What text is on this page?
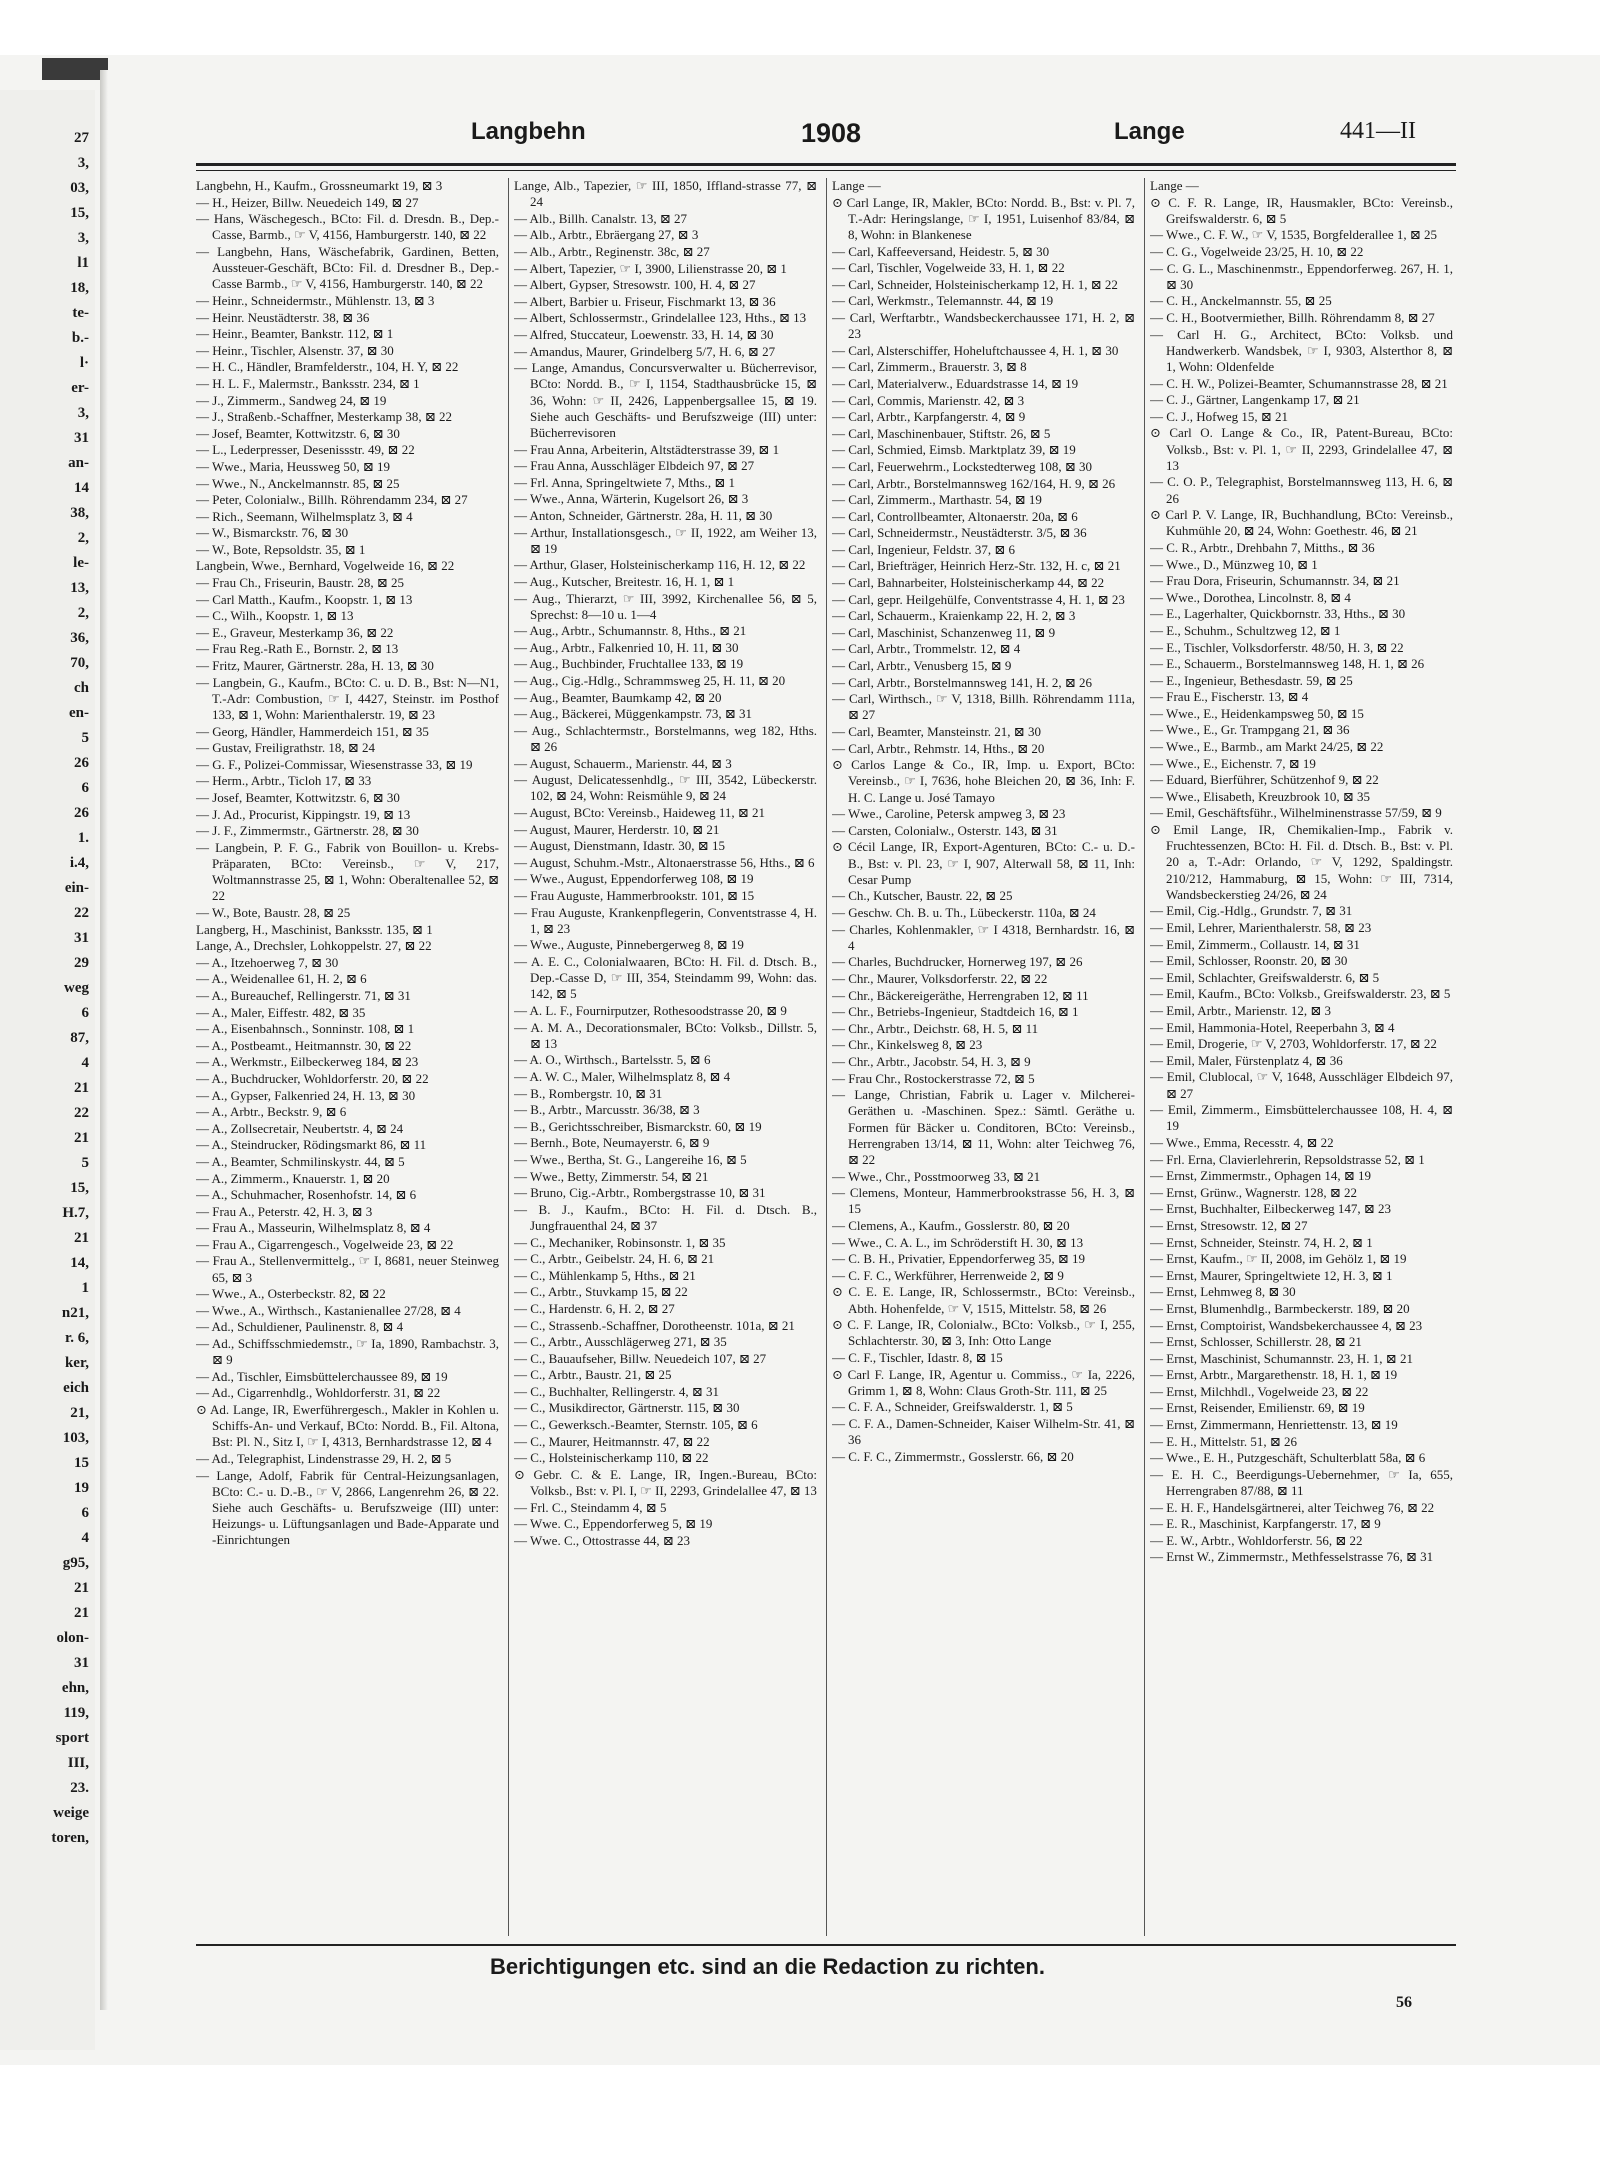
27
3,
03,
15,
3,
l1
18,
te-
b.-
l·
er-
3,
31
an-
14
38,
2,
le-
13,
2,
36,
70,
ch
en-
5
26
6
26
1.
i.4,
ein-
22
31
29
weg
6
87,
4
21
22
21
5
15,
H.7,
21
14,
1
n21,
r. 6,
ker,
eich
21,
103,
15
19
6
4
g95,
21
21
olon-
31
ehn,
119,
sport
III,
23.
weige
toren,
Langbehn	1908	Lange	441—II
Langbehn, H., Kaufm., Grossneumarkt 19, ⊠ 3
— H., Heizer, Billw. Neuedeich 149, ⊠ 27
— Hans, Wäschegesch., BCto: Fil. d. Dresdn. B., Dep.-Casse, Barmb., ☞ V, 4156, Hamburgerstr. 140, ⊠ 22
— Langbehn, Hans, Wäschefabrik, Gardinen, Betten, Aussteuer-Geschäft, BCto: Fil. d. Dresdner B., Dep.-Casse Barmb., ☞ V, 4156, Hamburgerstr. 140, ⊠ 22
— Heinr., Schneidermstr., Mühlenstr. 13, ⊠ 3
— Heinr. Neustädterstr. 38, ⊠ 36
— Heinr., Beamter, Bankstr. 112, ⊠ 1
— Heinr., Tischler, Alsenstr. 37, ⊠ 30
— H. C., Händler, Bramfelderstr., 104, H. Y, ⊠ 22
— H. L. F., Malermstr., Banksstr. 234, ⊠ 1
— J., Zimmerm., Sandweg 24, ⊠ 19
— J., Straßenb.-Schaffner, Mesterkamp 38, ⊠ 22
— Josef, Beamter, Kottwitzstr. 6, ⊠ 30
— L., Lederpresser, Desenissstr. 49, ⊠ 22
— Wwe., Maria, Heussweg 50, ⊠ 19
— Wwe., N., Anckelmannstr. 85, ⊠ 25
— Peter, Colonialw., Billh. Röhrendamm 234, ⊠ 27
— Rich., Seemann, Wilhelmsplatz 3, ⊠ 4
— W., Bismarckstr. 76, ⊠ 30
— W., Bote, Repsoldstr. 35, ⊠ 1
Langbein, Wwe., Bernhard, Vogelweide 16, ⊠ 22
— Frau Ch., Friseurin, Baustr. 28, ⊠ 25
— Carl Matth., Kaufm., Koopstr. 1, ⊠ 13
— C., Wilh., Koopstr. 1, ⊠ 13
— E., Graveur, Mesterkamp 36, ⊠ 22
— Frau Reg.-Rath E., Bornstr. 2, ⊠ 13
— Fritz, Maurer, Gärtnerstr. 28a, H. 13, ⊠ 30
— Langbein, G., Kaufm., BCto: C. u. D. B., Bst: N—N1, T.-Adr: Combustion, ☞ I, 4427, Steinstr. im Posthof 133, ⊠ 1, Wohn: Marienthalerstr. 19, ⊠ 23
— Georg, Händler, Hammerdeich 151, ⊠ 35
— Gustav, Freiligrathstr. 18, ⊠ 24
— G. F., Polizei-Commissar, Wiesenstrasse 33, ⊠ 19
— Herm., Arbtr., Ticloh 17, ⊠ 33
— Josef, Beamter, Kottwitzstr. 6, ⊠ 30
— J. Ad., Procurist, Kippingstr. 19, ⊠ 13
— J. F., Zimmermstr., Gärtnerstr. 28, ⊠ 30
— Langbein, P. F. G., Fabrik von Bouillon- u. Krebs-Präparaten, BCto: Vereinsb., ☞ V, 217, Woltmannstrasse 25, ⊠ 1, Wohn: Oberaltenallee 52, ⊠ 22
— W., Bote, Baustr. 28, ⊠ 25
Langberg, H., Maschinist, Banksstr. 135, ⊠ 1
Lange, A., Drechsler, Lohkoppelstr. 27, ⊠ 22
— A., Itzehoerweg 7, ⊠ 30
— A., Weidenallee 61, H. 2, ⊠ 6
— A., Bureauchef, Rellingerstr. 71, ⊠ 31
— A., Maler, Eiffestr. 482, ⊠ 35
— A., Eisenbahnsch., Sonninstr. 108, ⊠ 1
— A., Postbeamt., Heitmannstr. 30, ⊠ 22
— A., Werkmstr., Eilbeckerweg 184, ⊠ 23
— A., Buchdrucker, Wohldorferstr. 20, ⊠ 22
— A., Gypser, Falkenried 24, H. 13, ⊠ 30
— A., Arbtr., Beckstr. 9, ⊠ 6
— A., Zollsecretair, Neubertstr. 4, ⊠ 24
— A., Steindrucker, Rödingsmarkt 86, ⊠ 11
— A., Beamter, Schmilinskystr. 44, ⊠ 5
— A., Zimmerm., Knauerstr. 1, ⊠ 20
— A., Schuhmacher, Rosenhofstr. 14, ⊠ 6
— Frau A., Peterstr. 42, H. 3, ⊠ 3
— Frau A., Masseurin, Wilhelmsplatz 8, ⊠ 4
— Frau A., Cigarrengesch., Vogelweide 23, ⊠ 22
— Frau A., Stellenvermittelg., ☞ I, 8681, neuer Steinweg 65, ⊠ 3
— Wwe., A., Osterbeckstr. 82, ⊠ 22
— Wwe., A., Wirthsch., Kastanienallee 27/28, ⊠ 4
— Ad., Schuldiener, Paulinenstr. 8, ⊠ 4
— Ad., Schiffsschmiedemstr., ☞ Ia, 1890, Rambachstr. 3, ⊠ 9
— Ad., Tischler, Eimsbüttelerchaussee 89, ⊠ 19
— Ad., Cigarrenhdlg., Wohldorferstr. 31, ⊠ 22
⊙ Ad. Lange, IR, Ewerführergesch., Makler in Kohlen u. Schiffs-An- und Verkauf, BCto: Nordd. B., Fil. Altona, Bst: Pl. N., Sitz I, ☞ I, 4313, Bernhardstrasse 12, ⊠ 4
— Ad., Telegraphist, Lindenstrasse 29, H. 2, ⊠ 5
— Lange, Adolf, Fabrik für Central-Heizungsanlagen, BCto: C.- u. D.-B., ☞ V, 2866, Langenrehm 26, ⊠ 22. Siehe auch Geschäfts- u. Berufszweige (III) unter: Heizungs- u. Lüftungsanlagen und Bade-Apparate und -Einrichtungen
Lange, Alb., Tapezier, ☞ III, 1850, Iffland-strasse 77, ⊠ 24
— Alb., Billh. Canalstr. 13, ⊠ 27
— Alb., Arbtr., Ebräergang 27, ⊠ 3
— Alb., Arbtr., Reginenstr. 38c, ⊠ 27
— Albert, Tapezier, ☞ I, 3900, Lilienstrasse 20, ⊠ 1
— Albert, Gypser, Stresowstr. 100, H. 4, ⊠ 27
— Albert, Barbier u. Friseur, Fischmarkt 13, ⊠ 36
— Albert, Schlossermstr., Grindelallee 123, Hths., ⊠ 13
— Alfred, Stuccateur, Loewenstr. 33, H. 14, ⊠ 30
— Amandus, Maurer, Grindelberg 5/7, H. 6, ⊠ 27
— Lange, Amandus, Concursverwalter u. Bücherrevisor, BCto: Nordd. B., ☞ I, 1154, Stadthausbrücke 15, ⊠ 36, Wohn: ☞ II, 2426, Lappenbergsallee 15, ⊠ 19. Siehe auch Geschäfts- und Berufszweige (III) unter: Bücherrevisoren
— Frau Anna, Arbeiterin, Altstädterstrasse 39, ⊠ 1
— Frau Anna, Ausschläger Elbdeich 97, ⊠ 27
— Frl. Anna, Springeltwiete 7, Mths., ⊠ 1
— Wwe., Anna, Wärterin, Kugelsort 26, ⊠ 3
— Anton, Schneider, Gärtnerstr. 28a, H. 11, ⊠ 30
— Arthur, Installationsgesch., ☞ II, 1922, am Weiher 13, ⊠ 19
— Arthur, Glaser, Holsteinischerkamp 116, H. 12, ⊠ 22
— Aug., Kutscher, Breitestr. 16, H. 1, ⊠ 1
— Aug., Thierarzt, ☞ III, 3992, Kirchenallee 56, ⊠ 5, Sprechst: 8—10 u. 1—4
— Aug., Arbtr., Schumannstr. 8, Hths., ⊠ 21
— Aug., Arbtr., Falkenried 10, H. 11, ⊠ 30
— Aug., Buchbinder, Fruchtallee 133, ⊠ 19
— Aug., Cig.-Hdlg., Schrammsweg 25, H. 11, ⊠ 20
— Aug., Beamter, Baumkamp 42, ⊠ 20
— Aug., Bäckerei, Müggenkampstr. 73, ⊠ 31
— Aug., Schlachtermstr., Borstelmanns, weg 182, Hths. ⊠ 26
— August, Schauerm., Marienstr. 44, ⊠ 3
— August, Delicatessenhdlg., ☞ III, 3542, Lübeckerstr. 102, ⊠ 24, Wohn: Reismühle 9, ⊠ 24
— August, BCto: Vereinsb., Haideweg 11, ⊠ 21
— August, Maurer, Herderstr. 10, ⊠ 21
— August, Dienstmann, Idastr. 30, ⊠ 15
— August, Schuhm.-Mstr., Altonaerstrasse 56, Hths., ⊠ 6
— Wwe., August, Eppendorferweg 108, ⊠ 19
— Frau Auguste, Hammerbrookstr. 101, ⊠ 15
— Frau Auguste, Krankenpflegerin, Conventstrasse 4, H. 1, ⊠ 23
— Wwe., Auguste, Pinnebergerweg 8, ⊠ 19
— A. E. C., Colonialwaaren, BCto: H. Fil. d. Dtsch. B., Dep.-Casse D, ☞ III, 354, Steindamm 99, Wohn: das. 142, ⊠ 5
— A. L. F., Fournirputzer, Rothesoodstrasse 20, ⊠ 9
— A. M. A., Decorationsmaler, BCto: Volksb., Dillstr. 5, ⊠ 13
— A. O., Wirthsch., Bartelsstr. 5, ⊠ 6
— A. W. C., Maler, Wilhelmsplatz 8, ⊠ 4
— B., Rombergstr. 10, ⊠ 31
— B., Arbtr., Marcusstr. 36/38, ⊠ 3
— B., Gerichtsschreiber, Bismarckstr. 60, ⊠ 19
— Bernh., Bote, Neumayerstr. 6, ⊠ 9
— Wwe., Bertha, St. G., Langereihe 16, ⊠ 5
— Wwe., Betty, Zimmerstr. 54, ⊠ 21
— Bruno, Cig.-Arbtr., Rombergstrasse 10, ⊠ 31
— B. J., Kaufm., BCto: H. Fil. d. Dtsch. B., Jungfrauenthal 24, ⊠ 37
— C., Mechaniker, Robinsonstr. 1, ⊠ 35
— C., Arbtr., Geibelstr. 24, H. 6, ⊠ 21
— C., Mühlenkamp 5, Hths., ⊠ 21
— C., Arbtr., Stuvkamp 15, ⊠ 22
— C., Hardenstr. 6, H. 2, ⊠ 27
— C., Strassenb.-Schaffner, Dorotheenstr. 101a, ⊠ 21
— C., Arbtr., Ausschlägerweg 271, ⊠ 35
— C., Bauaufseher, Billw. Neuedeich 107, ⊠ 27
— C., Arbtr., Baustr. 21, ⊠ 25
— C., Buchhalter, Rellingerstr. 4, ⊠ 31
— C., Musikdirector, Gärtnerstr. 115, ⊠ 30
— C., Gewerksch.-Beamter, Sternstr. 105, ⊠ 6
— C., Maurer, Heitmannstr. 47, ⊠ 22
— C., Holsteinischerkamp 110, ⊠ 22
⊙ Gebr. C. & E. Lange, IR, Ingen.-Bureau, BCto: Volksb., Bst: v. Pl. I, ☞ II, 2293, Grindelallee 47, ⊠ 13
— Frl. C., Steindamm 4, ⊠ 5
— Wwe. C., Eppendorferweg 5, ⊠ 19
— Wwe. C., Ottostrasse 44, ⊠ 23
Lange —
⊙ Carl Lange, IR, Makler, BCto: Nordd. B., Bst: v. Pl. 7, T.-Adr: Heringslange, ☞ I, 1951, Luisenhof 83/84, ⊠ 8, Wohn: in Blankenese
— Carl, Kaffeeversand, Heidestr. 5, ⊠ 30
— Carl, Tischler, Vogelweide 33, H. 1, ⊠ 22
— Carl, Schneider, Holsteinischerkamp 12, H. 1, ⊠ 22
— Carl, Werkmstr., Telemannstr. 44, ⊠ 19
— Carl, Werftarbtr., Wandsbeckerchaussee 171, H. 2, ⊠ 23
— Carl, Alsterschiffer, Hoheluftchaussee 4, H. 1, ⊠ 30
— Carl, Zimmerm., Brauerstr. 3, ⊠ 8
— Carl, Materialverw., Eduardstrasse 14, ⊠ 19
— Carl, Commis, Marienstr. 42, ⊠ 3
— Carl, Arbtr., Karpfangerstr. 4, ⊠ 9
— Carl, Maschinenbauer, Stiftstr. 26, ⊠ 5
— Carl, Schmied, Eimsb. Marktplatz 39, ⊠ 19
— Carl, Feuerwehrm., Lockstedterweg 108, ⊠ 30
— Carl, Arbtr., Borstelmannsweg 162/164, H. 9, ⊠ 26
— Carl, Zimmerm., Marthastr. 54, ⊠ 19
— Carl, Controllbeamter, Altonaerstr. 20a, ⊠ 6
— Carl, Schneidermstr., Neustädterstr. 3/5, ⊠ 36
— Carl, Ingenieur, Feldstr. 37, ⊠ 6
— Carl, Briefträger, Heinrich Herz-Str. 132, H. c, ⊠ 21
— Carl, Bahnarbeiter, Holsteinischerkamp 44, ⊠ 22
— Carl, gepr. Heilgehülfe, Conventstrasse 4, H. 1, ⊠ 23
— Carl, Schauerm., Kraienkamp 22, H. 2, ⊠ 3
— Carl, Maschinist, Schanzenweg 11, ⊠ 9
— Carl, Arbtr., Trommelstr. 12, ⊠ 4
— Carl, Arbtr., Venusberg 15, ⊠ 9
— Carl, Arbtr., Borstelmannsweg 141, H. 2, ⊠ 26
— Carl, Wirthsch., ☞ V, 1318, Billh. Röhrendamm 111a, ⊠ 27
— Carl, Beamter, Mansteinstr. 21, ⊠ 30
— Carl, Arbtr., Rehmstr. 14, Hths., ⊠ 20
⊙ Carlos Lange & Co., IR, Imp. u. Export, BCto: Vereinsb., ☞ I, 7636, hohe Bleichen 20, ⊠ 36, Inh: F. H. C. Lange u. José Tamayo
— Wwe., Caroline, Petersk ampweg 3, ⊠ 23
— Carsten, Colonialw., Osterstr. 143, ⊠ 31
⊙ Cécil Lange, IR, Export-Agenturen, BCto: C.- u. D.-B., Bst: v. Pl. 23, ☞ I, 907, Alterwall 58, ⊠ 11, Inh: Cesar Pump
— Ch., Kutscher, Baustr. 22, ⊠ 25
— Geschw. Ch. B. u. Th., Lübeckerstr. 110a, ⊠ 24
— Charles, Kohlenmakler, ☞ I 4318, Bernhardstr. 16, ⊠ 4
— Charles, Buchdrucker, Hornerweg 197, ⊠ 26
— Chr., Maurer, Volksdorferstr. 22, ⊠ 22
— Chr., Bäckereigeräthe, Herrengraben 12, ⊠ 11
— Chr., Betriebs-Ingenieur, Stadtdeich 16, ⊠ 1
— Chr., Arbtr., Deichstr. 68, H. 5, ⊠ 11
— Chr., Kinkelsweg 8, ⊠ 23
— Chr., Arbtr., Jacobstr. 54, H. 3, ⊠ 9
— Frau Chr., Rostockerstrasse 72, ⊠ 5
— Lange, Christian, Fabrik u. Lager v. Milcherei-Geräthen u. -Maschinen. Spez.: Sämtl. Geräthe u. Formen für Bäcker u. Conditoren, BCto: Vereinsb., Herrengraben 13/14, ⊠ 11, Wohn: alter Teichweg 76, ⊠ 22
— Wwe., Chr., Posstmoorweg 33, ⊠ 21
— Clemens, Monteur, Hammerbrookstrasse 56, H. 3, ⊠ 15
— Clemens, A., Kaufm., Gosslerstr. 80, ⊠ 20
— Wwe., C. A. L., im Schröderstift H. 30, ⊠ 13
— C. B. H., Privatier, Eppendorferweg 35, ⊠ 19
— C. F. C., Werkführer, Herrenweide 2, ⊠ 9
⊙ C. E. E. Lange, IR, Schlossermstr., BCto: Vereinsb., Abth. Hohenfelde, ☞ V, 1515, Mittelstr. 58, ⊠ 26
⊙ C. F. Lange, IR, Colonialw., BCto: Volksb., ☞ I, 255, Schlachterstr. 30, ⊠ 3, Inh: Otto Lange
— C. F., Tischler, Idastr. 8, ⊠ 15
⊙ Carl F. Lange, IR, Agentur u. Commiss., ☞ Ia, 2226, Grimm 1, ⊠ 8, Wohn: Claus Groth-Str. 111, ⊠ 25
— C. F. A., Schneider, Greifswalderstr. 1, ⊠ 5
— C. F. A., Damen-Schneider, Kaiser Wilhelm-Str. 41, ⊠ 36
— C. F. C., Zimmermstr., Gosslerstr. 66, ⊠ 20
Lange —
⊙ C. F. R. Lange, IR, Hausmakler, BCto: Vereinsb., Greifswalderstr. 6, ⊠ 5
— Wwe., C. F. W., ☞ V, 1535, Borgfelderallee 1, ⊠ 25
— C. G., Vogelweide 23/25, H. 10, ⊠ 22
— C. G. L., Maschinenmstr., Eppendorferweg. 267, H. 1, ⊠ 30
— C. H., Anckelmannstr. 55, ⊠ 25
— C. H., Bootvermiether, Billh. Röhrendamm 8, ⊠ 27
— Carl H. G., Architect, BCto: Volksb. und Handwerkerb. Wandsbek, ☞ I, 9303, Alsterthor 8, ⊠ 1, Wohn: Oldenfelde
— C. H. W., Polizei-Beamter, Schumannstrasse 28, ⊠ 21
— C. J., Gärtner, Langenkamp 17, ⊠ 21
— C. J., Hofweg 15, ⊠ 21
⊙ Carl O. Lange & Co., IR, Patent-Bureau, BCto: Volksb., Bst: v. Pl. 1, ☞ II, 2293, Grindelallee 47, ⊠ 13
— C. O. P., Telegraphist, Borstelmannsweg 113, H. 6, ⊠ 26
⊙ Carl P. V. Lange, IR, Buchhandlung, BCto: Vereinsb., Kuhmühle 20, ⊠ 24, Wohn: Goethestr. 46, ⊠ 21
— C. R., Arbtr., Drehbahn 7, Mitths., ⊠ 36
— Wwe., D., Münzweg 10, ⊠ 1
— Frau Dora, Friseurin, Schumannstr. 34, ⊠ 21
— Wwe., Dorothea, Lincolnstr. 8, ⊠ 4
— E., Lagerhalter, Quickbornstr. 33, Hths., ⊠ 30
— E., Schuhm., Schultzweg 12, ⊠ 1
— E., Tischler, Volksdorferstr. 48/50, H. 3, ⊠ 22
— E., Schauerm., Borstelmannsweg 148, H. 1, ⊠ 26
— E., Ingenieur, Bethesdastr. 59, ⊠ 25
— Frau E., Fischerstr. 13, ⊠ 4
— Wwe., E., Heidenkampsweg 50, ⊠ 15
— Wwe., E., Gr. Trampgang 21, ⊠ 36
— Wwe., E., Barmb., am Markt 24/25, ⊠ 22
— Wwe., E., Eichenstr. 7, ⊠ 19
— Eduard, Bierführer, Schützenhof 9, ⊠ 22
— Wwe., Elisabeth, Kreuzbrook 10, ⊠ 35
— Emil, Geschäftsführ., Wilhelminenstrasse 57/59, ⊠ 9
⊙ Emil Lange, IR, Chemikalien-Imp., Fabrik v. Fruchtessenzen, BCto: H. Fil. d. Dtsch. B., Bst: v. Pl. 20 a, T.-Adr: Orlando, ☞ V, 1292, Spaldingstr. 210/212, Hammaburg, ⊠ 15, Wohn: ☞ III, 7314, Wandsbeckerstieg 24/26, ⊠ 24
— Emil, Cig.-Hdlg., Grundstr. 7, ⊠ 31
— Emil, Lehrer, Marienthalerstr. 58, ⊠ 23
— Emil, Zimmerm., Collaustr. 14, ⊠ 31
— Emil, Schlosser, Roonstr. 20, ⊠ 30
— Emil, Schlachter, Greifswalderstr. 6, ⊠ 5
— Emil, Kaufm., BCto: Volksb., Greifswalderstr. 23, ⊠ 5
— Emil, Arbtr., Marienstr. 12, ⊠ 3
— Emil, Hammonia-Hotel, Reeperbahn 3, ⊠ 4
— Emil, Drogerie, ☞ V, 2703, Wohldorferstr. 17, ⊠ 22
— Emil, Maler, Fürstenplatz 4, ⊠ 36
— Emil, Clublocal, ☞ V, 1648, Ausschläger Elbdeich 97, ⊠ 27
— Emil, Zimmerm., Eimsbüttelerchaussee 108, H. 4, ⊠ 19
— Wwe., Emma, Recesstr. 4, ⊠ 22
— Frl. Erna, Clavierlehrerin, Repsoldstrasse 52, ⊠ 1
— Ernst, Zimmermstr., Ophagen 14, ⊠ 19
— Ernst, Grünw., Wagnerstr. 128, ⊠ 22
— Ernst, Buchhalter, Eilbeckerweg 147, ⊠ 23
— Ernst, Stresowstr. 12, ⊠ 27
— Ernst, Schneider, Steinstr. 74, H. 2, ⊠ 1
— Ernst, Kaufm., ☞ II, 2008, im Gehölz 1, ⊠ 19
— Ernst, Maurer, Springeltwiete 12, H. 3, ⊠ 1
— Ernst, Lehmweg 8, ⊠ 30
— Ernst, Blumenhdlg., Barmbeckerstr. 189, ⊠ 20
— Ernst, Comptoirist, Wandsbekerchaussee 4, ⊠ 23
— Ernst, Schlosser, Schillerstr. 28, ⊠ 21
— Ernst, Maschinist, Schumannstr. 23, H. 1, ⊠ 21
— Ernst, Arbtr., Margarethenstr. 18, H. 1, ⊠ 19
— Ernst, Milchhdl., Vogelweide 23, ⊠ 22
— Ernst, Reisender, Emilienstr. 69, ⊠ 19
— Ernst, Zimmermann, Henriettenstr. 13, ⊠ 19
— E. H., Mittelstr. 51, ⊠ 26
— Wwe., E. H., Putzgeschäft, Schulterblatt 58a, ⊠ 6
— E. H. C., Beerdigungs-Uebernehmer, ☞ Ia, 655, Herrengraben 87/88, ⊠ 11
— E. H. F., Handelsgärtnerei, alter Teichweg 76, ⊠ 22
— E. R., Maschinist, Karpfangerstr. 17, ⊠ 9
— E. W., Arbtr., Wohldorferstr. 56, ⊠ 22
— Ernst W., Zimmermstr., Methfesselstrasse 76, ⊠ 31
Berichtigungen etc. sind an die Redaction zu richten.
56
